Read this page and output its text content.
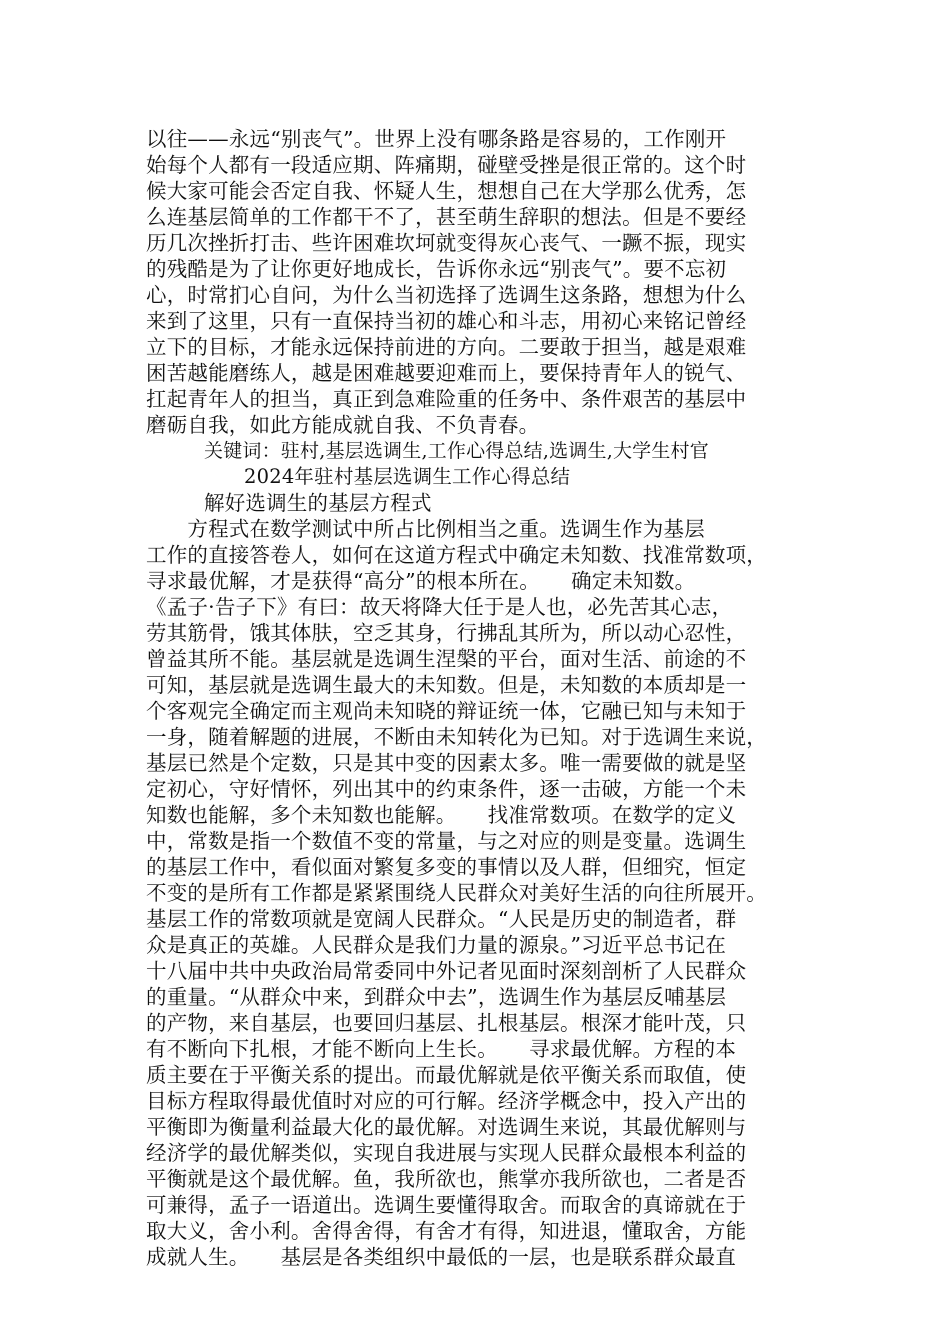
以往——永远“别丧气”。世界上没有哪条路是容易的，工作刚开
始每个人都有一段适应期、阵痛期，碰壁受挫是很正常的。这个时
候大家可能会否定自我、怀疑人生，想想自己在大学那么优秀，怎
么连基层简单的工作都干不了，甚至萌生辞职的想法。但是不要经
历几次挫折打击、些许困难坎坷就变得灰心丧气、一蹶不振，现实
的残酷是为了让你更好地成长，告诉你永远“别丧气”。要不忘初
心，时常扪心自问，为什么当初选择了选调生这条路，想想为什么
来到了这里，只有一直保持当初的雄心和斗志，用初心来铭记曾经
立下的目标，才能永远保持前进的方向。二要敢于担当，越是艰难
困苦越能磨练人，越是困难越要迎难而上，要保持青年人的锐气、
扛起青年人的担当，真正到急难险重的任务中、条件艰苦的基层中
磨砺自我，如此方能成就自我、不负青春。
关键词：驻村,基层选调生,工作心得总结,选调生,大学生村官
2024年驻村基层选调生工作心得总结
解好选调生的基层方程式
　　方程式在数学测试中所占比例相当之重。选调生作为基层
工作的直接答卷人，如何在这道方程式中确定未知数、找准常数项，
寻求最优解，才是获得“高分”的根本所在。　　确定未知数。
《孟子·告子下》有曰：故天将降大任于是人也，必先苦其心志，
劳其筋骨，饿其体肤，空乏其身，行拂乱其所为，所以动心忍性，
曾益其所不能。基层就是选调生涅槃的平台，面对生活、前途的不
可知，基层就是选调生最大的未知数。但是，未知数的本质却是一
个客观完全确定而主观尚未知晓的辩证统一体，它融已知与未知于
一身，随着解题的进展，不断由未知转化为已知。对于选调生来说，
基层已然是个定数，只是其中变的因素太多。唯一需要做的就是坚
定初心，守好情怀，列出其中的约束条件，逐一击破，方能一个未
知数也能解，多个未知数也能解。　　找准常数项。在数学的定义
中，常数是指一个数值不变的常量，与之对应的则是变量。选调生
的基层工作中，看似面对繁复多变的事情以及人群，但细究，恒定
不变的是所有工作都是紧紧围绕人民群众对美好生活的向往所展开。
基层工作的常数项就是宽阔人民群众。“人民是历史的制造者，群
众是真正的英雄。人民群众是我们力量的源泉。”习近平总书记在
十八届中共中央政治局常委同中外记者见面时深刻剖析了人民群众
的重量。“从群众中来，到群众中去”，选调生作为基层反哺基层
的产物，来自基层，也要回归基层、扎根基层。根深才能叶茂，只
有不断向下扎根，才能不断向上生长。　　寻求最优解。方程的本
质主要在于平衡关系的提出。而最优解就是依平衡关系而取值，使
目标方程取得最优值时对应的可行解。经济学概念中，投入产出的
平衡即为衡量利益最大化的最优解。对选调生来说，其最优解则与
经济学的最优解类似，实现自我进展与实现人民群众最根本利益的
平衡就是这个最优解。鱼，我所欲也，熊掌亦我所欲也，二者是否
可兼得，孟子一语道出。选调生要懂得取舍。而取舍的真谛就在于
取大义，舍小利。舍得舍得，有舍才有得，知进退，懂取舍，方能
成就人生。　　基层是各类组织中最低的一层，也是联系群众最直
